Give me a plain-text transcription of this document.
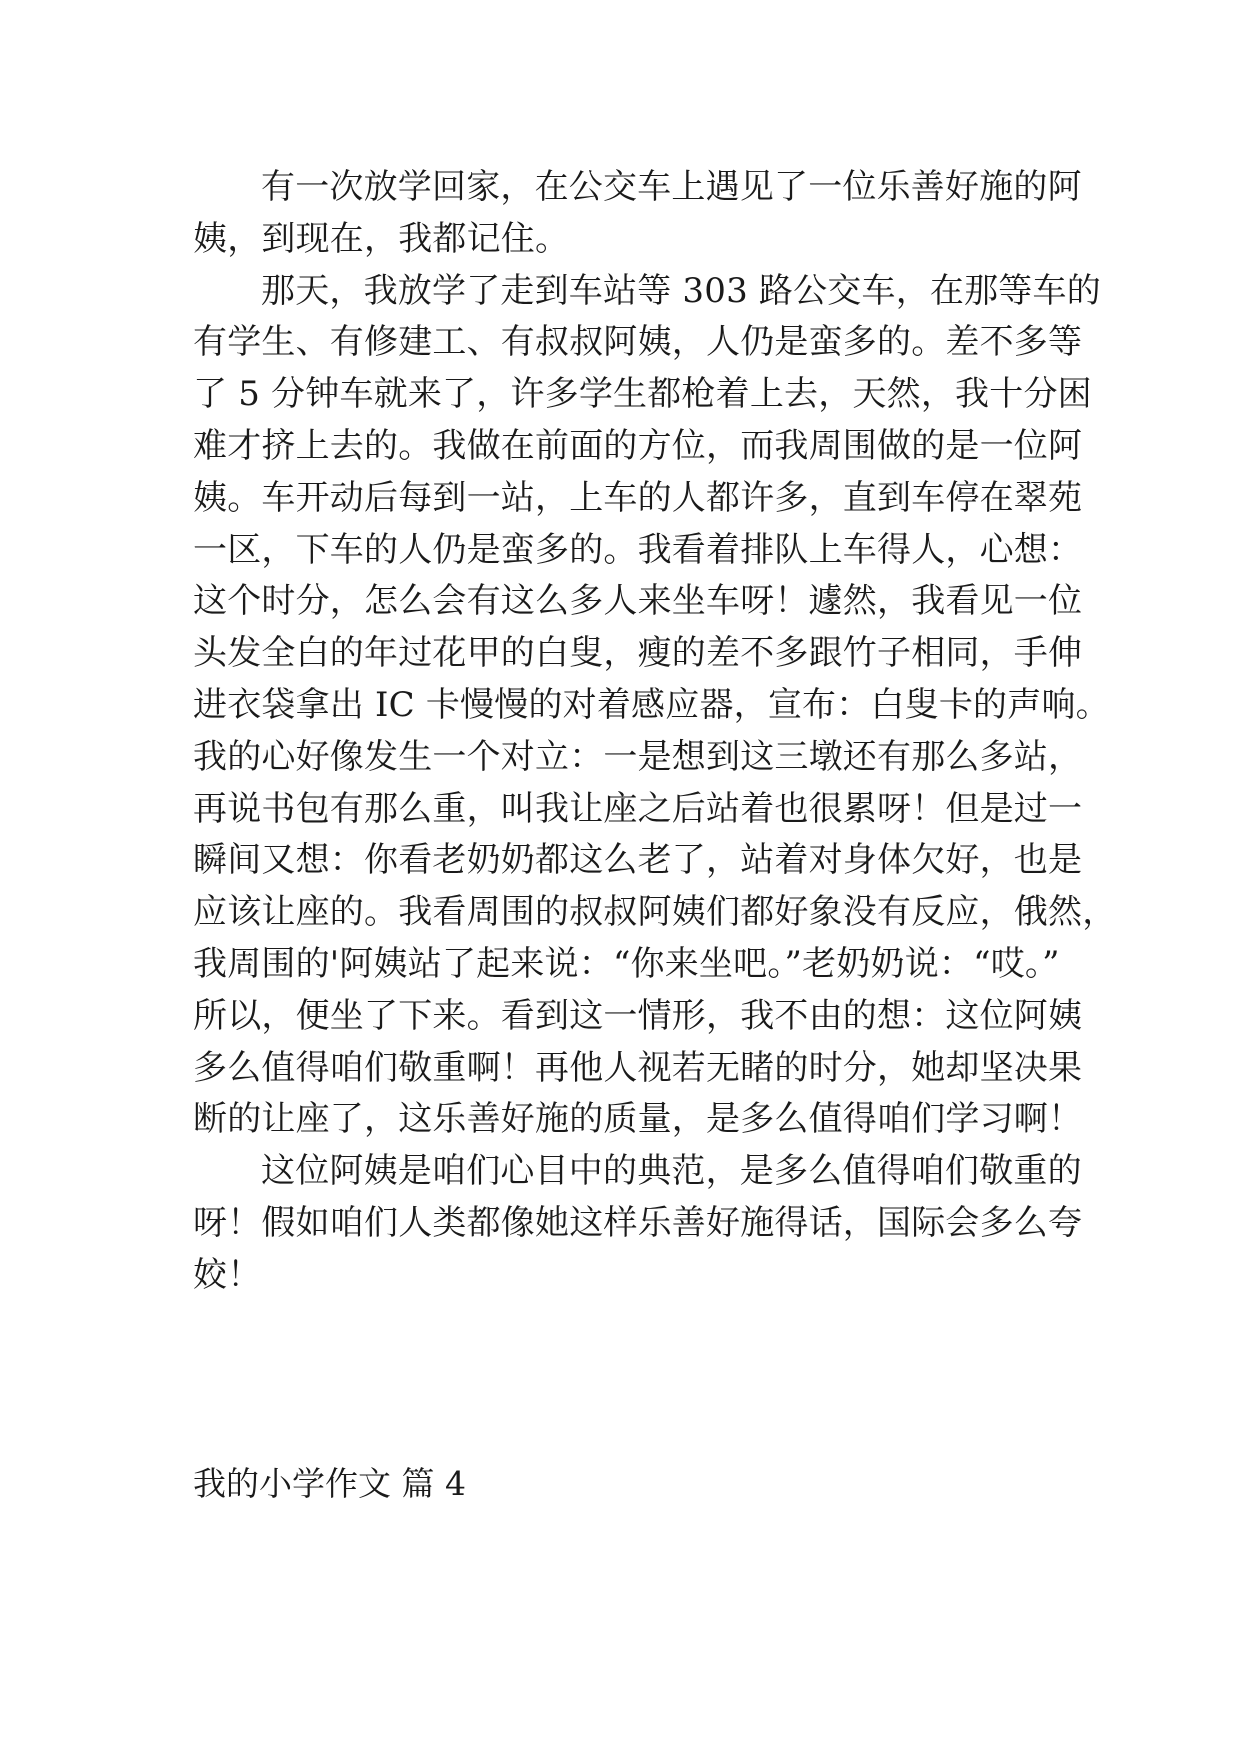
有一次放学回家，在公交车上遇见了一位乐善好施的阿
姨，到现在，我都记住。

那天，我放学了走到车站等 303 路公交车，在那等车的
有学生、有修建工、有叔叔阿姨，人仍是蛮多的。差不多等
了 5 分钟车就来了，许多学生都枪着上去，天然，我十分困
难才挤上去的。我做在前面的方位，而我周围做的是一位阿
姨。车开动后每到一站，上车的人都许多，直到车停在翠苑
一区，下车的人仍是蛮多的。我看着排队上车得人，心想：
这个时分，怎么会有这么多人来坐车呀！遽然，我看见一位
头发全白的年过花甲的白叟，瘦的差不多跟竹子相同，手伸
进衣袋拿出 IC 卡慢慢的对着感应器，宣布：白叟卡的声响。
我的心好像发生一个对立：一是想到这三墩还有那么多站，
再说书包有那么重，叫我让座之后站着也很累呀！但是过一
瞬间又想：你看老奶奶都这么老了，站着对身体欠好，也是
应该让座的。我看周围的叔叔阿姨们都好象没有反应，俄然，
我周围的'阿姨站了起来说：“你来坐吧。”老奶奶说：“哎。”
所以，便坐了下来。看到这一情形，我不由的想：这位阿姨
多么值得咱们敬重啊！再他人视若无睹的时分，她却坚决果
断的让座了，这乐善好施的质量，是多么值得咱们学习啊！

这位阿姨是咱们心目中的典范，是多么值得咱们敬重的
呀！假如咱们人类都像她这样乐善好施得话，国际会多么夸
姣！

我的小学作文 篇 4
